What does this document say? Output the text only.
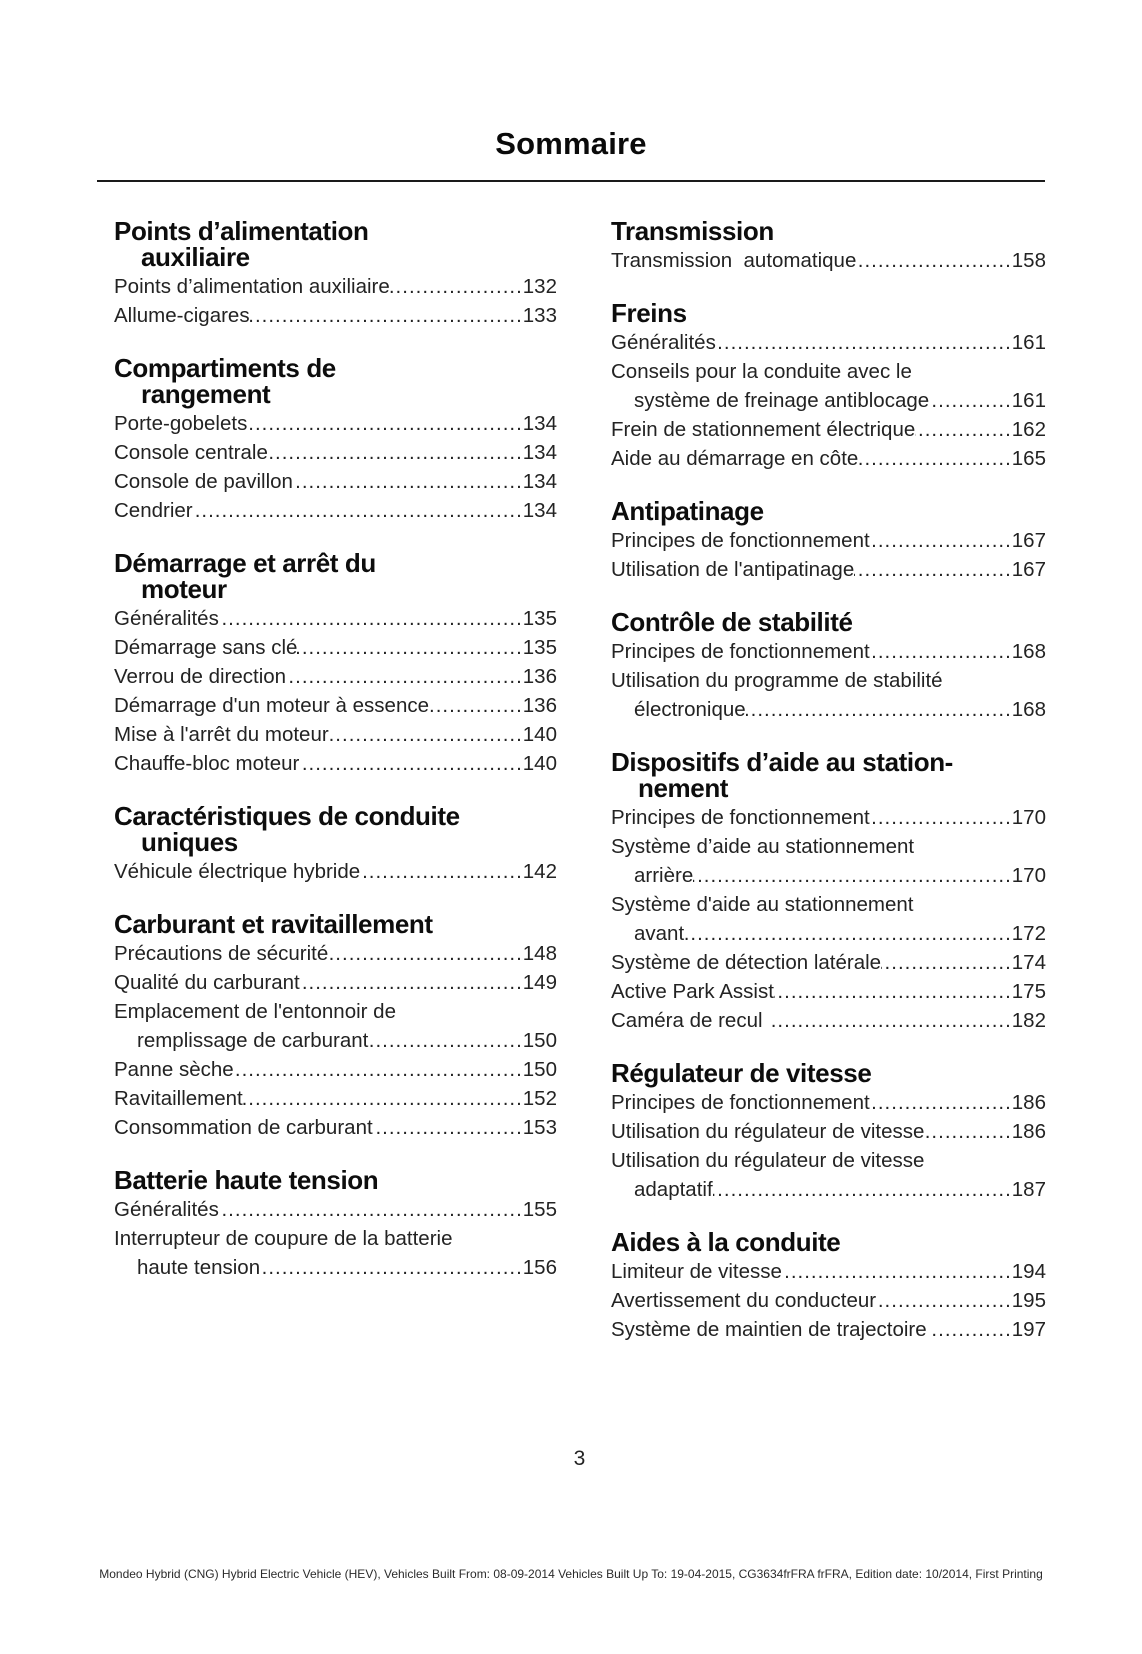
Sommaire
Points d’alimentation
auxiliaire
Points d’alimentation auxiliaire .....	132
Allume-cigares .....	133
Compartiments de
rangement
Porte-gobelets .....	134
Console centrale .....	134
Console de pavillon .....	134
Cendrier .....	134
Démarrage et arrêt du
moteur
Généralités .....	135
Démarrage sans clé .....	135
Verrou de direction .....	136
Démarrage d'un moteur à essence .....	136
Mise à l'arrêt du moteur .....	140
Chauffe-bloc moteur .....	140
Caractéristiques de conduite
uniques
Véhicule électrique hybride .....	142
Carburant et ravitaillement
Précautions de sécurité .....	148
Qualité du carburant .....	149
Emplacement de l'entonnoir de
remplissage de carburant .....	150
Panne sèche .....	150
Ravitaillement .....	152
Consommation de carburant .....	153
Batterie haute tension
Généralités .....	155
Interrupteur de coupure de la batterie
haute tension .....	156
Transmission
Transmission  automatique .....	158
Freins
Généralités .....	161
Conseils pour la conduite avec le
système de freinage antiblocage .....	161
Frein de stationnement électrique .....	162
Aide au démarrage en côte .....	165
Antipatinage
Principes de fonctionnement .....	167
Utilisation de l'antipatinage .....	167
Contrôle de stabilité
Principes de fonctionnement .....	168
Utilisation du programme de stabilité
électronique .....	168
Dispositifs d’aide au station-
nement
Principes de fonctionnement .....	170
Système d’aide au stationnement
arrière .....	170
Système d'aide au stationnement
avant .....	172
Système de détection latérale .....	174
Active Park Assist .....	175
Caméra de recul .....	182
Régulateur de vitesse
Principes de fonctionnement .....	186
Utilisation du régulateur de vitesse .....	186
Utilisation du régulateur de vitesse
adaptatif .....	187
Aides à la conduite
Limiteur de vitesse .....	194
Avertissement du conducteur .....	195
Système de maintien de trajectoire .....	197
3
Mondeo Hybrid (CNG) Hybrid Electric Vehicle (HEV), Vehicles Built From: 08-09-2014 Vehicles Built Up To: 19-04-2015, CG3634frFRA frFRA, Edition date: 10/2014, First Printing
